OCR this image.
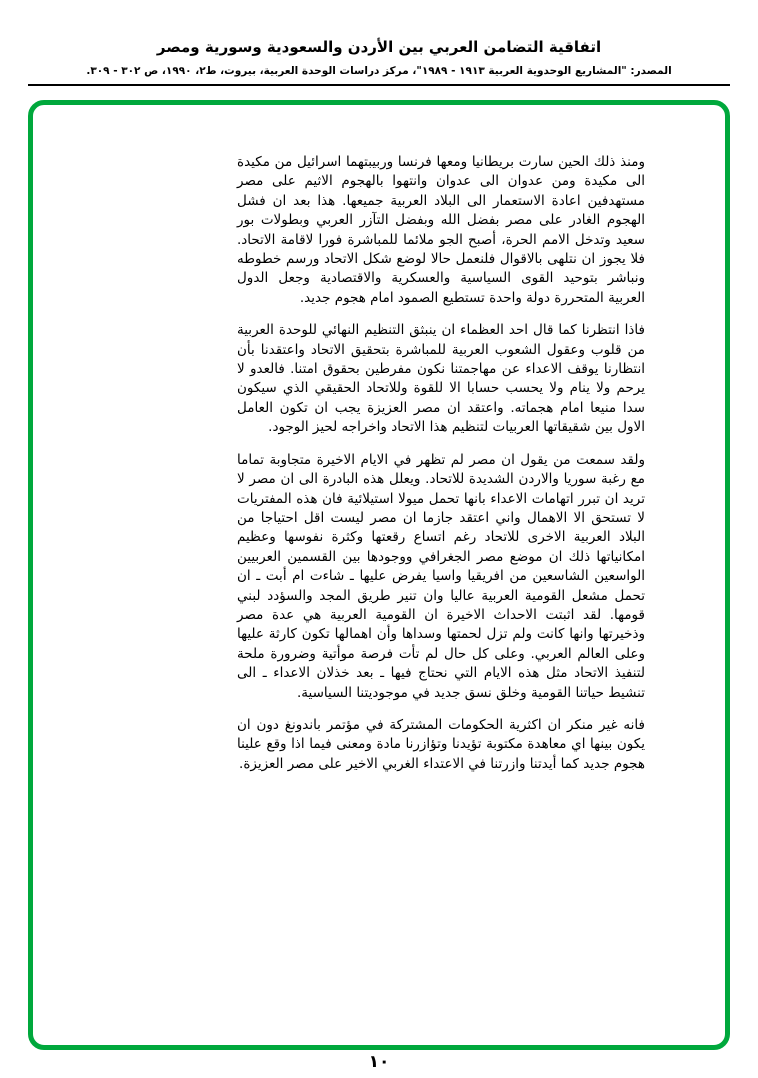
اتفاقية التضامن العربي بين الأردن والسعودية وسورية ومصر
المصدر: "المشاريع الوحدوية العربية ١٩١٣ - ١٩٨٩"، مركز دراسات الوحدة العربية، بيروت، ط٢، ١٩٩٠، ص ٣٠٢ - ٣٠٩.

ومنذ ذلك الحين سارت بريطانيا ومعها فرنسا وربيبتهما اسرائيل من مكيدة الى مكيدة ومن عدوان الى عدوان وانتهوا بالهجوم الاثيم على مصر مستهدفين اعادة الاستعمار الى البلاد العربية جميعها. هذا بعد ان فشل الهجوم الغادر على مصر بفضل الله وبفضل التآزر العربي وبطولات بور سعيد وتدخل الامم الحرة، أصبح الجو ملائما للمباشرة فورا لاقامة الاتحاد. فلا يجوز ان نتلهى بالاقوال فلنعمل حالا لوضع شكل الاتحاد ورسم خطوطه ونباشر بتوحيد القوى السياسية والعسكرية والاقتصادية وجعل الدول العربية المتحررة دولة واحدة تستطيع الصمود امام هجوم جديد.

فاذا انتظرنا كما قال احد العظماء ان ينبثق التنظيم النهائي للوحدة العربية من قلوب وعقول الشعوب العربية للمباشرة بتحقيق الاتحاد واعتقدنا بأن انتظارنا يوقف الاعداء عن مهاجمتنا نكون مفرطين بحقوق امتنا. فالعدو لا يرحم ولا ينام ولا يحسب حسابا الا للقوة وللاتحاد الحقيقي الذي سيكون سدا منيعا امام هجماته. واعتقد ان مصر العزيزة يجب ان تكون العامل الاول بين شقيقاتها العربيات لتنظيم هذا الاتحاد واخراجه لحيز الوجود.

ولقد سمعت من يقول ان مصر لم تظهر في الايام الاخيرة متجاوبة تماما مع رغبة سوريا والاردن الشديدة للاتحاد. ويعلل هذه البادرة الى ان مصر لا تريد ان تبرر اتهامات الاعداء بانها تحمل ميولا استيلائية فان هذه المفتريات لا تستحق الا الاهمال واني اعتقد جازما ان مصر ليست اقل احتياجا من البلاد العربية الاخرى للاتحاد رغم اتساع رقعتها وكثرة نفوسها وعظيم امكانياتها ذلك ان موضع مصر الجغرافي ووجودها بين القسمين العربيين الواسعين الشاسعين من افريقيا واسيا يفرض عليها ـ شاءت ام أبت ـ ان تحمل مشعل القومية العربية عاليا وان تنير طريق المجد والسؤدد لبني قومها. لقد اثبتت الاحداث الاخيرة ان القومية العربية هي عدة مصر وذخيرتها وانها كانت ولم تزل لحمتها وسداها وأن اهمالها تكون كارثة عليها وعلى العالم العربي. وعلى كل حال لم تأت فرصة موأتية وضرورة ملحة لتنفيذ الاتحاد مثل هذه الايام التي نحتاج فيها ـ بعد خذلان الاعداء ـ الى تنشيط حياتنا القومية وخلق نسق جديد في موجوديتنا السياسية.

فانه غير منكر ان اكثرية الحكومات المشتركة في مؤتمر باندونغ دون ان يكون بينها اي معاهدة مكتوبة تؤيدنا وتؤازرنا مادة ومعنى فيما اذا وقع علينا هجوم جديد كما أيدتنا وازرتنا في الاعتداء الغربي الاخير على مصر العزيزة.

١٠
